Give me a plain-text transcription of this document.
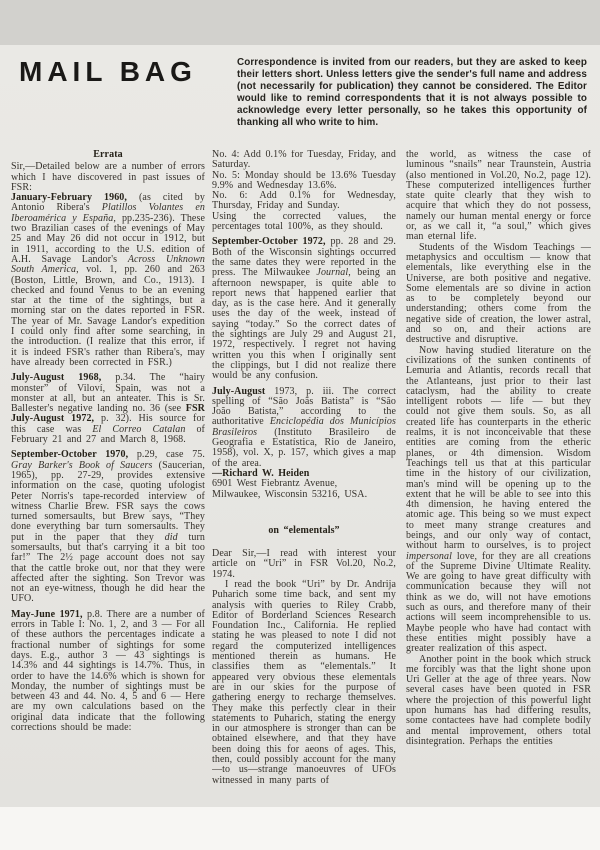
MAIL BAG	Correspondence is invited from our readers, but they are asked to keep their letters short. Unless letters give the sender's full name and address (not necessarily for publication) they cannot be considered. The Editor would like to remind correspondents that it is not always possible to acknowledge every letter personally, so he takes this opportunity of thanking all who write to him.

Errata

Sir,—Detailed below are a number of errors which I have discovered in past issues of FSR:

January-February 1960, (as cited by Antonio Ribera's Platillos Volantes en Iberoamérica y España, pp.235-236). These two Brazilian cases of the evenings of May 25 and May 26 did not occur in 1912, but in 1911, according to the U.S. edition of A.H. Savage Landor's Across Unknown South America, vol. 1, pp. 260 and 263 (Boston, Little, Brown, and Co., 1913). I checked and found Venus to be an evening star at the time of the sightings, but a morning star on the dates reported in FSR. The year of Mr. Savage Landor's expedition I could only find after some searching, in the introduction. (I realize that this error, if it is indeed FSR's rather than Ribera's, may have already been corrected in FSR.)

July-August 1968, p.34. The “hairy monster” of Viloví, Spain, was not a monster at all, but an anteater. This is Sr. Ballester's negative landing no. 36 (see FSR July-August 1972, p. 32). His source for this case was El Correo Catalan of February 21 and 27 and March 8, 1968.

September-October 1970, p.29, case 75. Gray Barker's Book of Saucers (Saucerian, 1965), pp. 27-29, provides extensive information on the case, quoting ufologist Peter Norris's tape-recorded interview of witness Charlie Brew. FSR says the cows turned somersaults, but Brew says, “They done everything bar turn somersaults. They put in the paper that they did turn somersaults, but that's carrying it a bit too far!” The 2½ page account does not say that the cattle broke out, nor that they were affected after the sighting. Son Trevor was not an eye-witness, though he did hear the UFO.

May-June 1971, p.8. There are a number of errors in Table I: No. 1, 2, and 3 — For all of these authors the percentages indicate a fractional number of sightings for some days. E.g., author 3 — 43 sightings is 14.3% and 44 sightings is 14.7%. Thus, in order to have the 14.6% which is shown for Monday, the number of sightings must be between 43 and 44. No. 4, 5 and 6 — Here are my own calculations based on the original data indicate that the following corrections should be made:

No. 4: Add 0.1% for Tuesday, Friday, and Saturday.

No. 5: Monday should be 13.6% Tuesday 9.9% and Wednesday 13.6%.

No. 6: Add 0.1% for Wednesday, Thursday, Friday and Sunday.

Using the corrected values, the percentages total 100%, as they should.

September-October 1972, pp. 28 and 29. Both of the Wisconsin sightings occurred the same dates they were reported in the press. The Milwaukee Journal, being an afternoon newspaper, is quite able to report news that happened earlier that day, as is the case here. And it generally uses the day of the week, instead of saying “today.” So the correct dates of the sightings are July 29 and August 21, 1972, respectively. I regret not having written you this when I originally sent the clippings, but I did not realize there would be any confusion.

July-August 1973, p. iii. The correct spelling of “São Joãs Batista” is “São João Batista,” according to the authoritative Enciclopédia dos Municípios Brasileiros (Instituto Brasileiro de Geografia e Estatística, Rio de Janeiro, 1958), vol. X, p. 157, which gives a map of the area.

—Richard W. Heiden

6901 West Fiebrantz Avenue,

Milwaukee, Wisconsin 53216, USA.

on “elementals”

Dear Sir,—I read with interest your article on “Uri” in FSR Vol.20, No.2, 1974.

I read the book “Uri” by Dr. Andrija Puharich some time back, and sent my analysis with queries to Riley Crabb, Editor of Borderland Sciences Research Foundation Inc., California. He replied stating he was pleased to note I did not regard the computerized intelligences mentioned therein as humans. He classifies them as “elementals.” It appeared very obvious these elementals are in our skies for the purpose of gathering energy to recharge themselves. They make this perfectly clear in their statements to Puharich, stating the energy in our atmosphere is stronger than can be obtained elsewhere, and that they have been doing this for aeons of ages. This, then, could possibly account for the many—to us—strange manoeuvres of UFOs witnessed in many parts of

the world, as witness the case of luminous “snails” near Traunstein, Austria (also mentioned in Vol.20, No.2, page 12). These computerized intelligences further state quite clearly that they wish to acquire that which they do not possess, namely our human mental energy or force or, as we call it, “a soul,” which gives man eternal life.

Students of the Wisdom Teachings — metaphysics and occultism — know that elementals, like everything else in the Universe, are both positive and negative. Some elementals are so divine in action as to be completely beyond our understanding; others come from the negative side of creation, the lower astral, and so on, and their actions are destructive and disruptive.

Now having studied literature on the civilizations of the sunken continents of Lemuria and Atlantis, records recall that the Atlanteans, just prior to their last cataclysm, had the ability to create intelligent robots — life — but they could not give them souls. So, as all created life has counterparts in the etheric realms, it is not inconceivable that these entities are coming from the etheric planes, or 4th dimension. Wisdom Teachings tell us that at this particular time in the history of our civilization, man's mind will be opening up to the extent that he will be able to see into this 4th dimension, he having entered the atomic age. This being so we must expect to meet many strange creatures and beings, and our only way of contact, without harm to ourselves, is to project impersonal love, for they are all creations of the Supreme Divine Ultimate Reality. We are going to have great difficulty with communication because they will not think as we do, will not have emotions such as ours, and therefore many of their actions will seem incomprehensible to us. Maybe people who have had contact with these entities might possibly have a greater realization of this aspect.

Another point in the book which struck me forcibly was that the light shone upon Uri Geller at the age of three years. Now several cases have been quoted in FSR where the projection of this powerful light upon humans has had differing results, some contactees have had complete bodily and mental improvement, others total disintegration. Perhaps the entities
